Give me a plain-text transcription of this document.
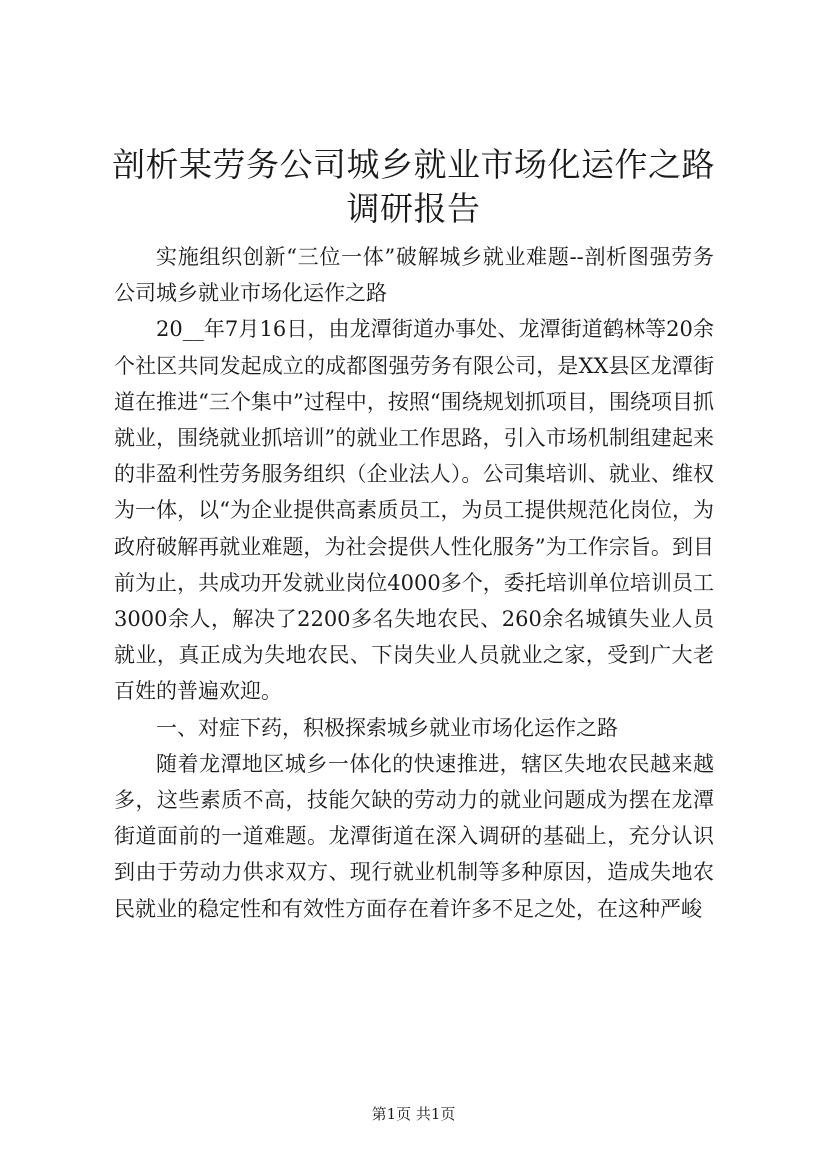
剖析某劳务公司城乡就业市场化运作之路调研报告

实施组织创新“三位一体”破解城乡就业难题--剖析图强劳务公司城乡就业市场化运作之路

20__年7月16日，由龙潭街道办事处、龙潭街道鹤林等20余个社区共同发起成立的成都图强劳务有限公司，是XX县区龙潭街道在推进“三个集中”过程中，按照“围绕规划抓项目，围绕项目抓就业，围绕就业抓培训”的就业工作思路，引入市场机制组建起来的非盈利性劳务服务组织（企业法人）。公司集培训、就业、维权为一体，以“为企业提供高素质员工，为员工提供规范化岗位，为政府破解再就业难题，为社会提供人性化服务”为工作宗旨。到目前为止，共成功开发就业岗位4000多个，委托培训单位培训员工3000余人，解决了2200多名失地农民、260余名城镇失业人员就业，真正成为失地农民、下岗失业人员就业之家，受到广大老百姓的普遍欢迎。

一、对症下药，积极探索城乡就业市场化运作之路

随着龙潭地区城乡一体化的快速推进，辖区失地农民越来越多，这些素质不高，技能欠缺的劳动力的就业问题成为摆在龙潭街道面前的一道难题。龙潭街道在深入调研的基础上，充分认识到由于劳动力供求双方、现行就业机制等多种原因，造成失地农民就业的稳定性和有效性方面存在着许多不足之处，在这种严峻

第1页 共1页
